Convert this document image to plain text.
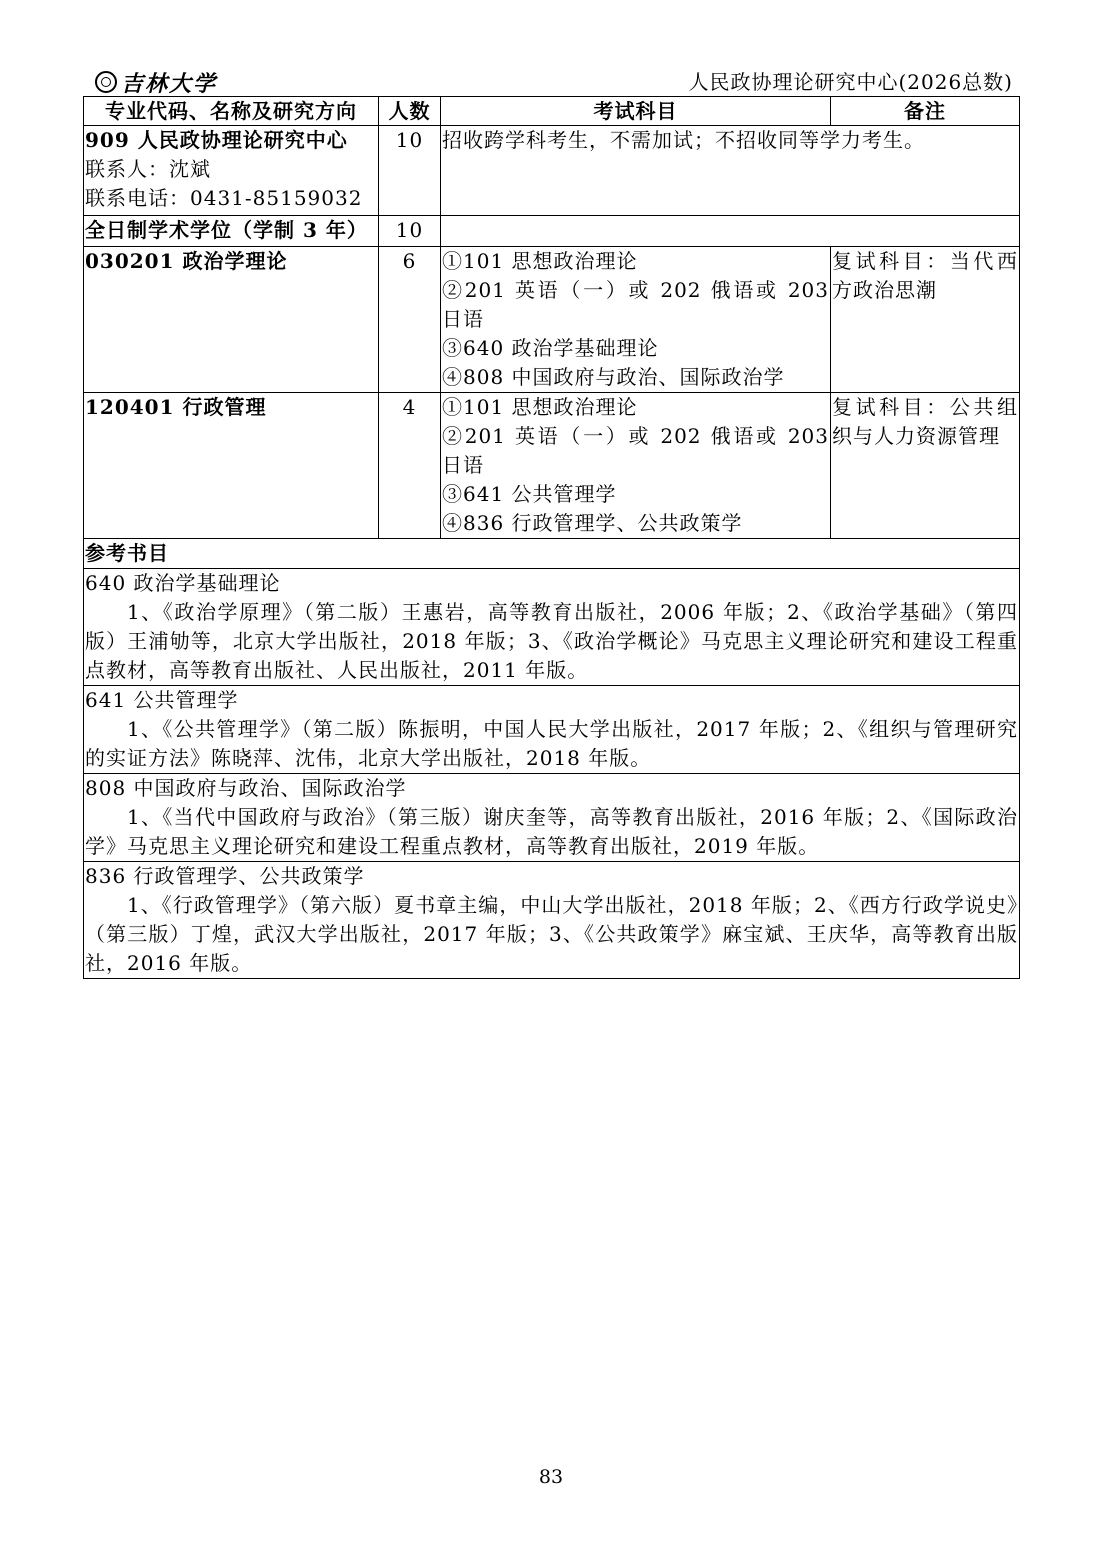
吉林大学	人民政协理论研究中心(2026总数)
专业代码、名称及研究方向	人数	考试科目	备注

909 人民政协理论研究中心
联系人：沈斌
联系电话：0431-85159032	10	招收跨学科考生，不需加试；不招收同等学力考生。	
全日制学术学位（学制 3 年）	10		
030201 政治学理论	6	①101 思想政治理论
②201 英语（一）或 202 俄语或 203
日语
③640 政治学基础理论
④808 中国政府与政治、国际政治学	复试科目：当代西
方政治思潮

120401 行政管理	4	①101 思想政治理论
②201 英语（一）或 202 俄语或 203
日语
③641 公共管理学
④836 行政管理学、公共政策学	复试科目：公共组
织与人力资源管理

参考书目			

640 政治学基础理论
1、《政治学原理》（第二版）王惠岩，高等教育出版社，2006 年版；2、《政治学基础》（第四版）王浦劬等，北京大学出版社，2018 年版；3、《政治学概论》马克思主义理论研究和建设工程重点教材，高等教育出版社、人民出版社，2011 年版。			

641 公共管理学
1、《公共管理学》（第二版）陈振明，中国人民大学出版社，2017 年版；2、《组织与管理研究的实证方法》陈晓萍、沈伟，北京大学出版社，2018 年版。			

808 中国政府与政治、国际政治学
1、《当代中国政府与政治》（第三版）谢庆奎等，高等教育出版社，2016 年版；2、《国际政治学》马克思主义理论研究和建设工程重点教材，高等教育出版社，2019 年版。			

836 行政管理学、公共政策学
1、《行政管理学》（第六版）夏书章主编，中山大学出版社，2018 年版；2、《西方行政学说史》（第三版）丁煌，武汉大学出版社，2017 年版；3、《公共政策学》麻宝斌、王庆华，高等教育出版社，2016 年版。			
83
